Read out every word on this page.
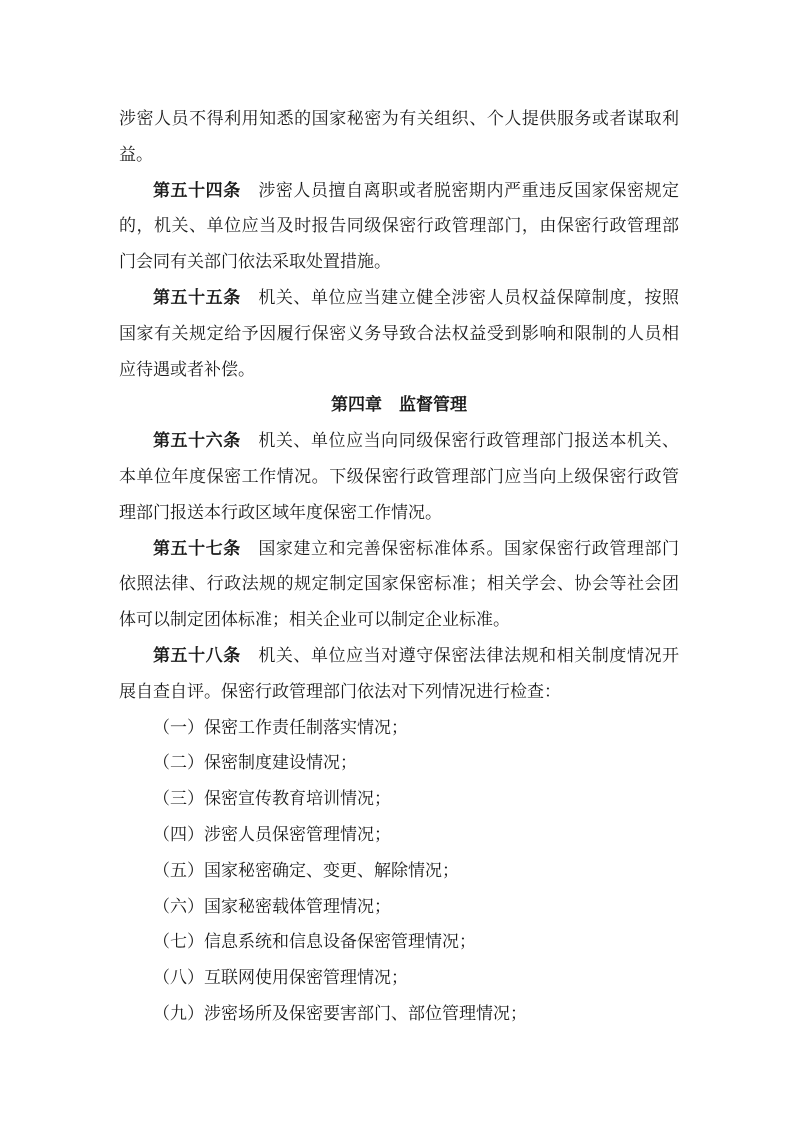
涉密人员不得利用知悉的国家秘密为有关组织、个人提供服务或者谋取利益。

第五十四条 涉密人员擅自离职或者脱密期内严重违反国家保密规定的，机关、单位应当及时报告同级保密行政管理部门，由保密行政管理部门会同有关部门依法采取处置措施。

第五十五条 机关、单位应当建立健全涉密人员权益保障制度，按照国家有关规定给予因履行保密义务导致合法权益受到影响和限制的人员相应待遇或者补偿。

第四章 监督管理

第五十六条 机关、单位应当向同级保密行政管理部门报送本机关、本单位年度保密工作情况。下级保密行政管理部门应当向上级保密行政管理部门报送本行政区域年度保密工作情况。

第五十七条 国家建立和完善保密标准体系。国家保密行政管理部门依照法律、行政法规的规定制定国家保密标准；相关学会、协会等社会团体可以制定团体标准；相关企业可以制定企业标准。

第五十八条 机关、单位应当对遵守保密法律法规和相关制度情况开展自查自评。保密行政管理部门依法对下列情况进行检查：

（一）保密工作责任制落实情况；

（二）保密制度建设情况；

（三）保密宣传教育培训情况；

（四）涉密人员保密管理情况；

（五）国家秘密确定、变更、解除情况；

（六）国家秘密载体管理情况；

（七）信息系统和信息设备保密管理情况；

（八）互联网使用保密管理情况；

（九）涉密场所及保密要害部门、部位管理情况；
